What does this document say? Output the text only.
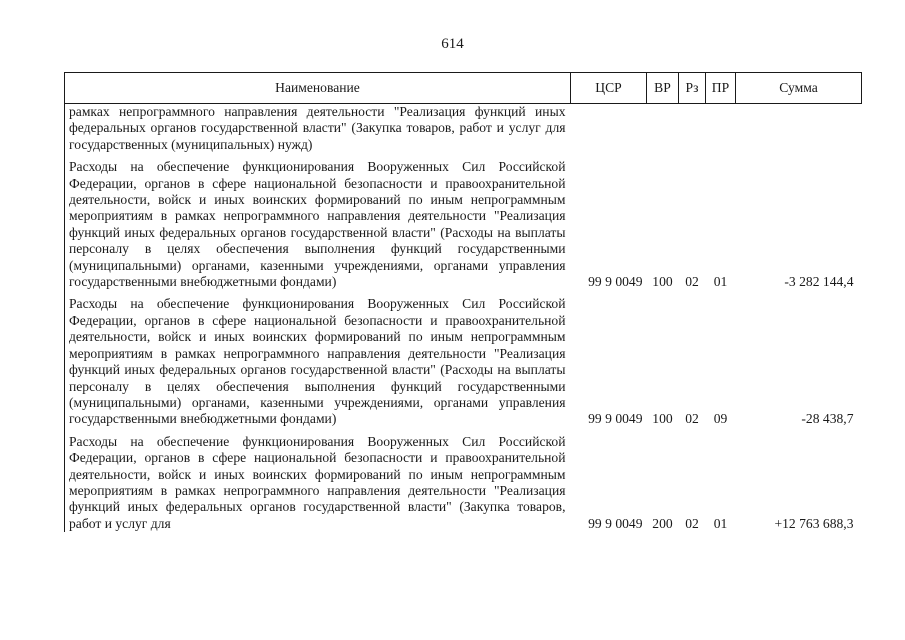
614
Наименование	ЦСР	ВР	Рз	ПР	Сумма

рамках непрограммного направления деятельности "Реализация функций иных федеральных органов государственной власти" (Закупка товаров, работ и услуг для государственных (муниципальных) нужд)					

Расходы на обеспечение функционирования Вооруженных Сил Российской Федерации, органов в сфере национальной безопасности и правоохранительной деятельности, войск и иных воинских формирований по иным непрограммным мероприятиям в рамках непрограммного направления деятельности "Реализация функций иных федеральных органов государственной власти" (Расходы на выплаты персоналу в целях обеспечения выполнения функций государственными (муниципальными) органами, казенными учреждениями, органами управления государственными внебюджетными фондами)	99 9 0049	100	02	01	-3 282 144,4

Расходы на обеспечение функционирования Вооруженных Сил Российской Федерации, органов в сфере национальной безопасности и правоохранительной деятельности, войск и иных воинских формирований по иным непрограммным мероприятиям в рамках непрограммного направления деятельности "Реализация функций иных федеральных органов государственной власти" (Расходы на выплаты персоналу в целях обеспечения выполнения функций государственными (муниципальными) органами, казенными учреждениями, органами управления государственными внебюджетными фондами)	99 9 0049	100	02	09	-28 438,7

Расходы на обеспечение функционирования Вооруженных Сил Российской Федерации, органов в сфере национальной безопасности и правоохранительной деятельности, войск и иных воинских формирований по иным непрограммным мероприятиям в рамках непрограммного направления деятельности "Реализация функций иных федеральных органов государственной власти" (Закупка товаров, работ и услуг для	99 9 0049	200	02	01	+12 763 688,3
